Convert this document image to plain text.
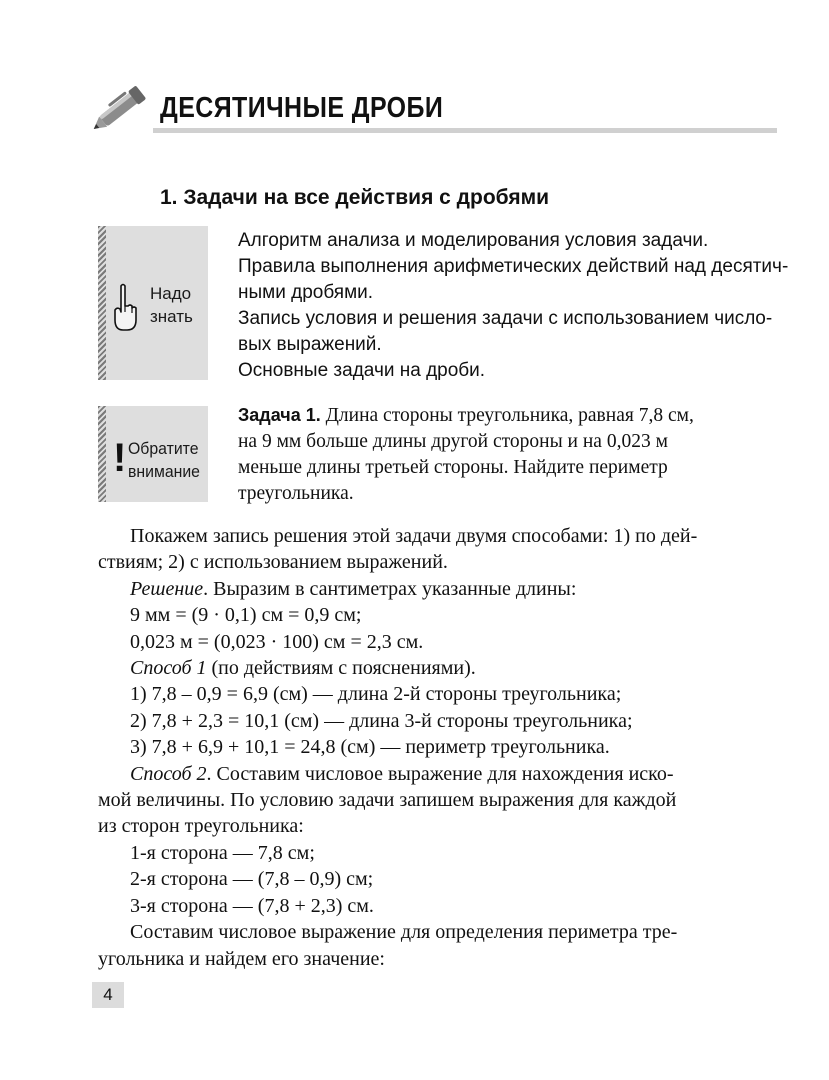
ДЕСЯТИЧНЫЕ ДРОБИ
1. Задачи на все действия с дробями
Надо
знать
Алгоритм анализа и моделирования условия задачи.
Правила выполнения арифметических действий над десятич-
ными дробями.
Запись условия и решения задачи с использованием числo-
вых выражений.
Основные задачи на дроби.
! Обратите
внимание
Задача 1. Длина стороны треугольника, равная 7,8 см,
на 9 мм больше длины другой стороны и на 0,023 м
меньше длины третьей стороны. Найдите периметр
треугольника.
Покажем запись решения этой задачи двумя способами: 1) по дей-
ствиям; 2) с использованием выражений.
Решение. Выразим в сантиметрах указанные длины:
9 мм = (9 · 0,1) см = 0,9 см;
0,023 м = (0,023 · 100) см = 2,3 см.
Способ 1 (по действиям с пояснениями).
1) 7,8 – 0,9 = 6,9 (см) — длина 2-й стороны треугольника;
2) 7,8 + 2,3 = 10,1 (см) — длина 3-й стороны треугольника;
3) 7,8 + 6,9 + 10,1 = 24,8 (см) — периметр треугольника.
Способ 2. Составим числовое выражение для нахождения иско-
мой величины. По условию задачи запишем выражения для каждой
из сторон треугольника:
1-я сторона — 7,8 см;
2-я сторона — (7,8 – 0,9) см;
3-я сторона — (7,8 + 2,3) см.
Составим числовое выражение для определения периметра тре-
угольника и найдем его значение:
4
